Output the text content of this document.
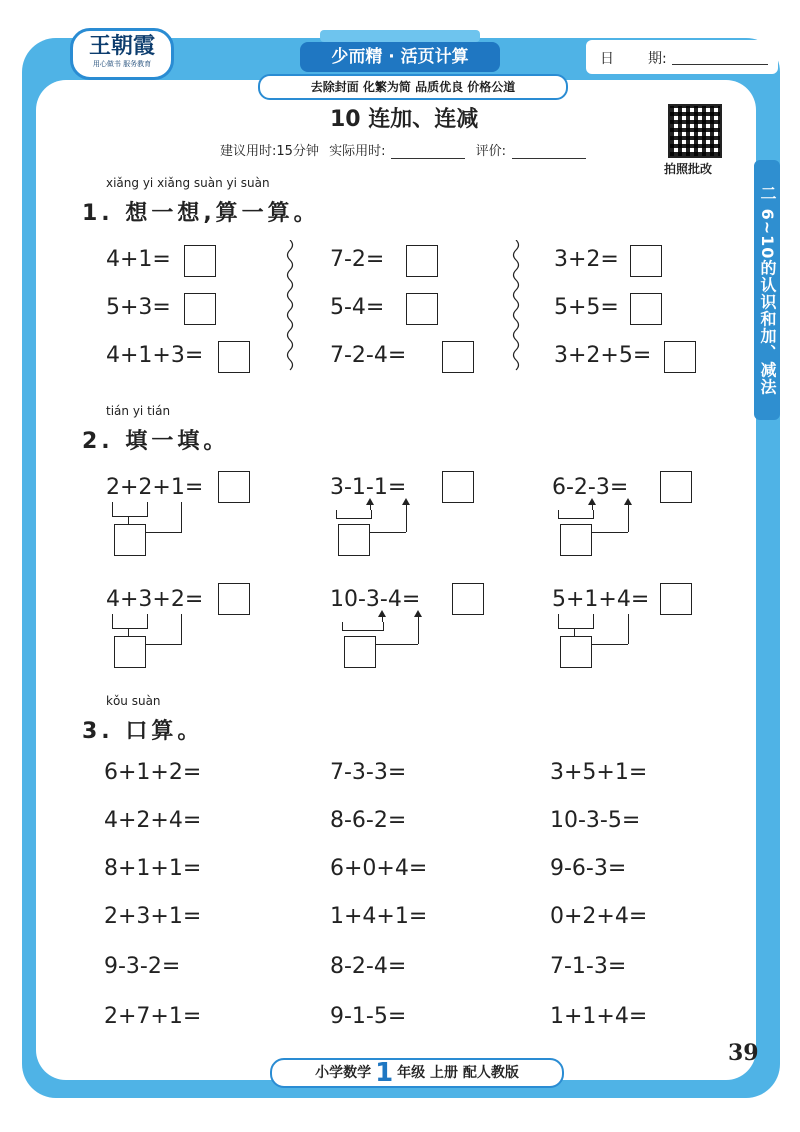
王朝霞
用心做书 服务教育	少而精 · 活页计算
去除封面 化繁为简 品质优良 价格公道
日 期:
二 6~10的认识和加、减法
10 连加、连减
建议用时:15分钟 实际用时:	评价:
拍照批改
xiǎng yi xiǎng suàn yi suàn
1. 想一想,算一算。
4+1=	7-2=	3+2=
5+3=	5-4=	5+5=
4+1+3=	7-2-4=	3+2+5=
tián yi tián
2. 填一填。
2+2+1=	3-1-1=	6-2-3=
4+3+2=	10-3-4=	5+1+4=
kǒu suàn
3. 口算。
6+1+2=	7-3-3=	3+5+1=
4+2+4=	8-6-2=	10-3-5=
8+1+1=	6+0+4=	9-6-3=
2+3+1=	1+4+1=	0+2+4=
9-3-2=	8-2-4=	7-1-3=
2+7+1=	9-1-5=	1+1+4=
小学数学 1 年级 上册 配人教版
39
